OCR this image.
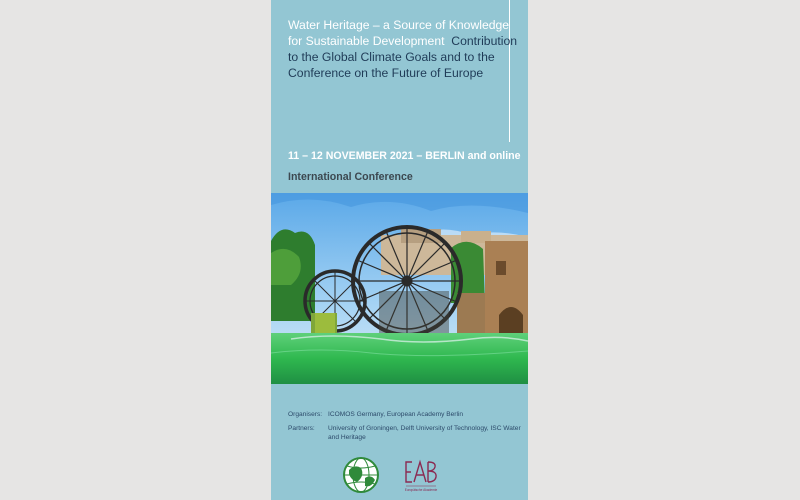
Water Heritage – a Source of Knowledge for Sustainable Development Contribution to the Global Climate Goals and to the Conference on the Future of Europe
11 – 12 NOVEMBER 2021 – BERLIN and online
International Conference
Organisers: ICOMOS Germany, European Academy Berlin
Partners:	University of Groningen, Delft University of Technology, ISC Water and Heritage
Europäische Akademie
